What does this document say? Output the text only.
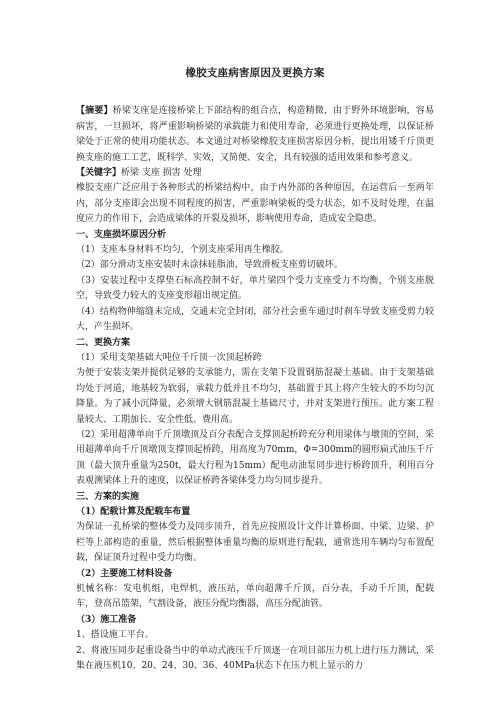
橡胶支座病害原因及更换方案

【摘要】桥梁支座是连接桥梁上下部结构的组合点，构造精微，由于野外环境影响，容易病害，一旦损坏，将严重影响桥梁的承载能力和使用寿命，必须进行更换处理，以保证桥梁处于正常的使用功能状态。本文通过对桥梁橡胶支座损害原因分析，提出用矮千斤顶更换支座的施工工艺，既科学、实效，又简便、安全，具有较强的适用效果和参考意义。

【关键字】桥梁 支座 损害 处理

橡胶支座广泛应用于各种形式的桥梁结构中，由于内外部的各种原因，在运营后一至两年内，部分支座即会出现不同程度的损害，严重影响梁板的受力状态，如不及时处理，在温度应力的作用下，会造成梁体的开裂及损坏，影响使用寿命，造成安全隐患。

一、支座损坏原因分析

（1）支座本身材料不均匀，个别支座采用再生橡胶。

（2）部分滑动支座安装时未涂抹硅脂油，导致滑板支座剪切破坏。

（3）安装过程中支撑垫石标高控制不好，单片梁四个受力支座受力不均衡，个别支座脱空，导致受力较大的支座变形超出规定值。

（4）结构物伸缩缝未完成，交通未完全封闭，部分社会重车通过时刹车导致支座受剪力较大，产生损坏。

二、更换方案

（1）采用支架基础大吨位千斤顶一次顶起桥跨

为便于安装支架并提供足够的支承能力，需在支架下设置钢筋混凝土基础。由于支架基础均处于河道，地基较为软弱，承载力低并且不均匀，基础置于其上将产生较大的不均匀沉降量。为了减小沉降量，必须增大钢筋混凝土基础尺寸，并对支架进行预压。此方案工程量较大、工期加长、安全性低、费用高。

（2）采用超薄单向千斤顶墩顶及百分表配合支撑顶起桥跨充分利用梁体与墩顶的空间，采用超薄单向千斤顶墩顶支撑顶起桥跨，用高度为70mm，Φ=300mm的圆形扁式油压千斤顶（最大顶升重量为250t，最大行程为15mm）配电动油泵同步进行桥跨顶升，利用百分表观测梁体上升的速度，以保证桥跨各梁体受力均匀同步提升。

三、方案的实施

（1）配载计算及配载车布置

为保证一孔桥梁的整体受力及同步顶升，首先应按照设计文件计算桥面、中梁、边梁、护栏等上部构造的重量，然后根据整体重量均衡的原则进行配载，通常选用车辆均匀布置配载，保证顶升过程中受力均衡。

（2）主要施工材料设备

机械名称：发电机组，电焊机，液压站，单向超薄千斤顶，百分表，手动千斤顶，配载车，登高吊篮架，气割设备，液压分配均衡器，高压分配油管。

（3）施工准备

1、搭设施工平台。

2、将液压同步起重设备当中的单动式液压千斤顶逐一在项目部压力机上进行压力测试，采集在液压机10、20、24、30、36、40MPa状态下在压力机上显示的力
